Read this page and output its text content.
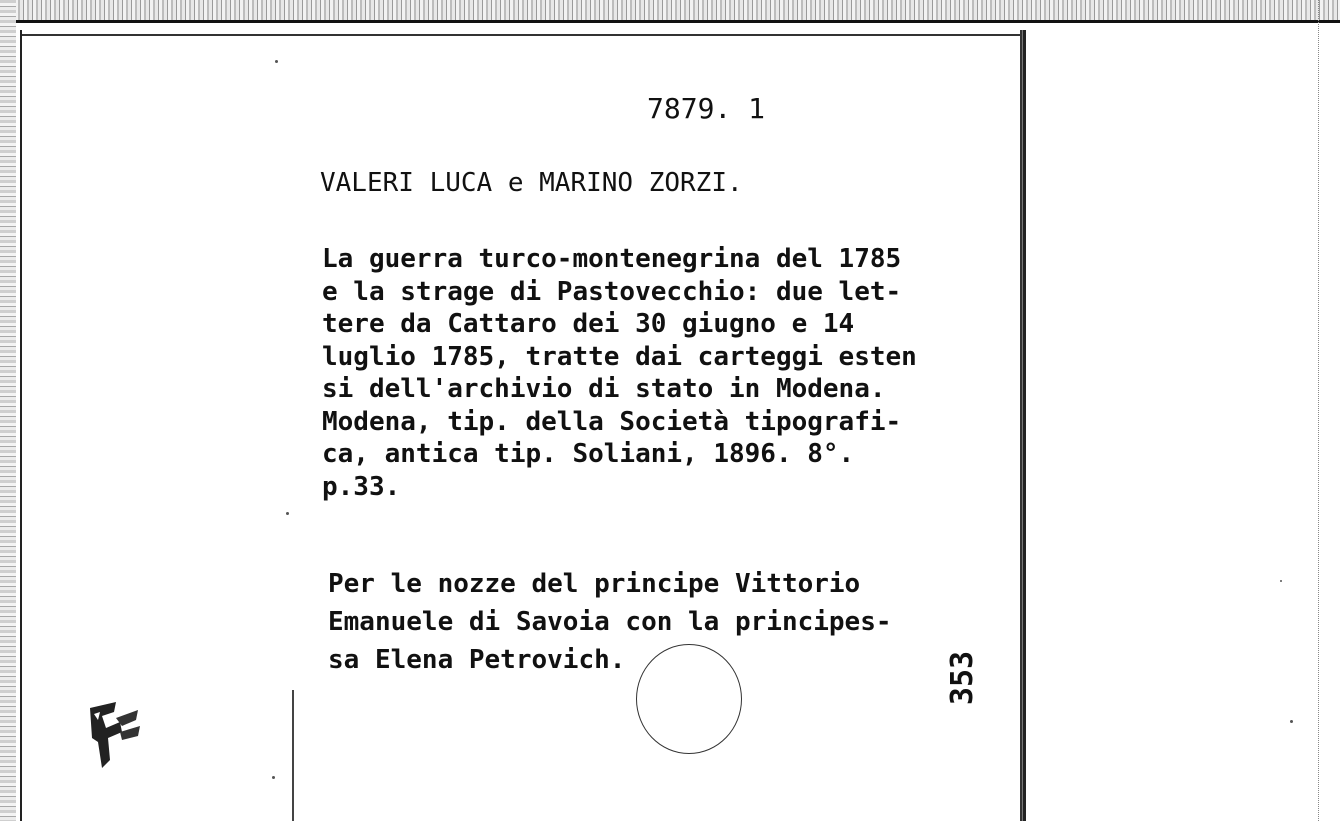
7879. 1
VALERI LUCA e MARINO ZORZI.
La guerra turco-montenegrina del 1785
e la strage di Pastovecchio: due let-
tere da Cattaro dei 30 giugno e 14
luglio 1785, tratte dai carteggi esten
si dell'archivio di stato in Modena.
Modena, tip. della Società tipografi-
ca, antica tip. Soliani, 1896. 8°.
p.33.
Per le nozze del principe Vittorio
Emanuele di Savoia con la principes-
sa Elena Petrovich.	353
